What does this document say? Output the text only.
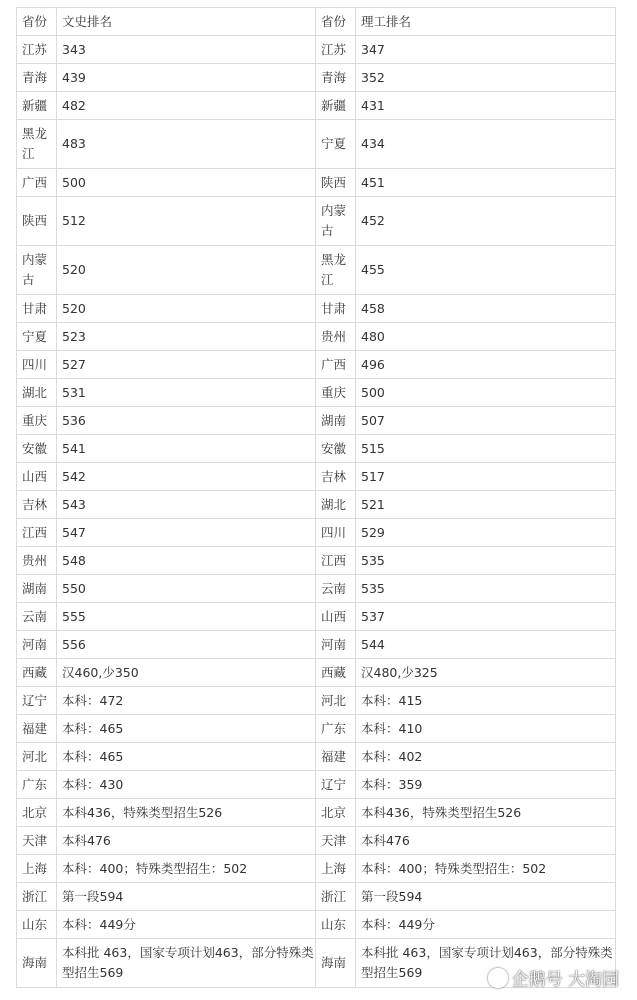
省份	文史排名	省份	理工排名
江苏	343	江苏	347
青海	439	青海	352
新疆	482	新疆	431
黑龙江	483	宁夏	434
广西	500	陕西	451
陕西	512	内蒙古	452
内蒙古	520	黑龙江	455
甘肃	520	甘肃	458
宁夏	523	贵州	480
四川	527	广西	496
湖北	531	重庆	500
重庆	536	湖南	507
安徽	541	安徽	515
山西	542	吉林	517
吉林	543	湖北	521
江西	547	四川	529
贵州	548	江西	535
湖南	550	云南	535
云南	555	山西	537
河南	556	河南	544
西藏	汉460,少350	西藏	汉480,少325
辽宁	本科：472	河北	本科：415
福建	本科：465	广东	本科：410
河北	本科：465	福建	本科：402
广东	本科：430	辽宁	本科：359
北京	本科436，特殊类型招生526	北京	本科436，特殊类型招生526
天津	本科476	天津	本科476
上海	本科：400；特殊类型招生：502	上海	本科：400；特殊类型招生：502
浙江	第一段594	浙江	第一段594
山东	本科：449分	山东	本科：449分
海南	本科批 463，国家专项计划463，部分特殊类型招生569	海南	本科批 463，国家专项计划463，部分特殊类型招生569	企鹅号 大淘园
